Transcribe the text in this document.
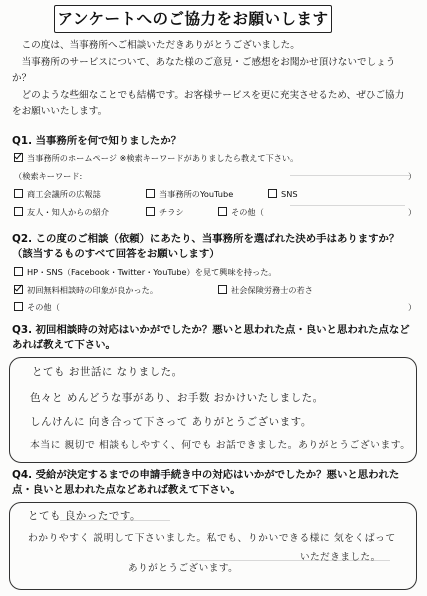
アンケートへのご協力をお願いします

この度は、当事務所へご相談いただきありがとうございました。

当事務所のサービスについて、あなた様のご意見・ご感想をお聞かせ頂けないでしょうか？

どのような些細なことでも結構です。お客様サービスを更に充実させるため、ぜひご協力をお願いいたします。

Q1. 当事務所を何で知りましたか？
当事務所のホームページ ※検索キーワードがありましたら教えて下さい。
（検索キーワード:	）
商工会議所の広報誌	当事務所のYouTube	SNS
友人・知人からの紹介	チラシ	その他（	）
Q2. この度のご相談（依頼）にあたり、当事務所を選ばれた決め手はありますか？
（該当するものすべて回答をお願いします）
HP・SNS（Facebook・Twitter・YouTube）を見て興味を持った。
初回無料相談時の印象が良かった。	社会保険労務士の若さ
その他（	）
Q3. 初回相談時の対応はいかがでしたか？悪いと思われた点・良いと思われた点などあれば教えて下さい。
とても お世話に なりました。
色々と めんどうな事があり、お手数 おかけいたしました。
しんけんに 向き合って下さって ありがとうございます。
本当に 親切で 相談もしやすく、何でも お話できました。ありがとうございます。
Q4. 受給が決定するまでの申請手続き中の対応はいかがでしたか？悪いと思われた点・良いと思われた点などあれば教えて下さい。
とても 良かったです。
わかりやすく 説明して下さいました。私でも、りかいできる様に 気をくばって
いただきました。
ありがとうございます。
